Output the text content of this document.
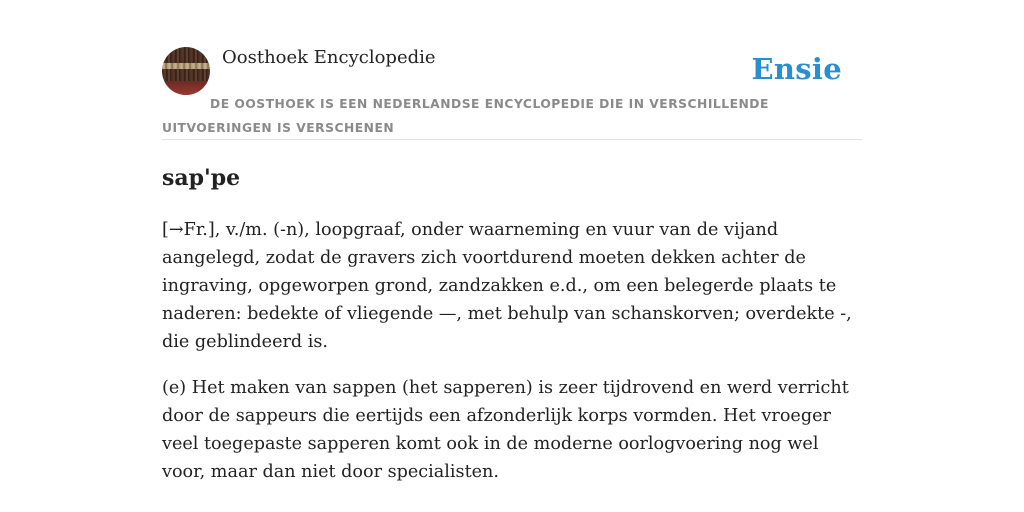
Oosthoek Encyclopedie	Ensie
DE OOSTHOEK IS EEN NEDERLANDSE ENCYCLOPEDIE DIE IN VERSCHILLENDE UITVOERINGEN IS VERSCHENEN
sap'pe

[→Fr.], v./m. (-n), loopgraaf, onder waarneming en vuur van de vijand aangelegd, zodat de gravers zich voortdurend moeten dekken achter de ingraving, opgeworpen grond, zandzakken e.d., om een belegerde plaats te naderen: bedekte of vliegende —, met behulp van schanskorven; overdekte -, die geblindeerd is.

(e) Het maken van sappen (het sapperen) is zeer tijdrovend en werd verricht door de sappeurs die eertijds een afzonderlijk korps vormden. Het vroeger veel toegepaste sapperen komt ook in de moderne oorlogvoering nog wel voor, maar dan niet door specialisten.
